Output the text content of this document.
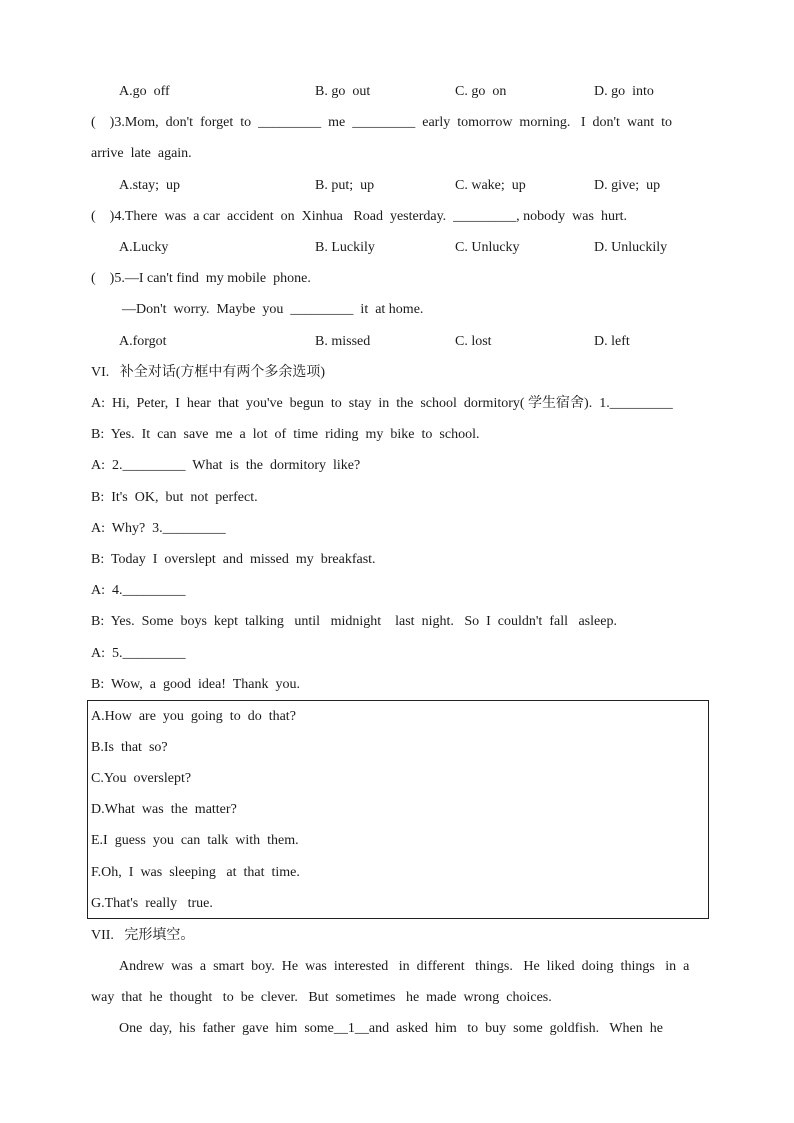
A.go  off	B. go  out	C. go  on	D. go  into
(    )3.Mom,  don't  forget  to  _________  me  _________  early  tomorrow  morning.   I  don't  want  to
arrive  late  again.
A.stay;  up	B. put;  up	C. wake;  up	D. give;  up
(    )4.There  was  a car  accident  on  Xinhua   Road  yesterday.  _________, nobody  was  hurt.
A.Lucky	B. Luckily	C. Unlucky	D. Unluckily
(    )5.—I can't find  my mobile  phone.
—Don't  worry.  Maybe  you  _________  it  at home.
A.forgot	B. missed	C. lost	D. left
VI.   补全对话(方框中有两个多余选项)
A:  Hi,  Peter,  I  hear  that  you've  begun  to  stay  in  the  school  dormitory( 学生宿舍).  1._________
B:  Yes.  It  can  save  me  a  lot  of  time  riding  my  bike  to  school.
A:  2._________  What  is  the  dormitory  like?
B:  It's  OK,  but  not  perfect.
A:  Why?  3._________
B:  Today  I  overslept  and  missed  my  breakfast.
A:  4._________
B:  Yes.  Some  boys  kept  talking   until   midnight    last  night.   So  I  couldn't  fall   asleep.
A:  5._________
B:  Wow,  a  good  idea!  Thank  you.
A.How  are  you  going  to  do  that?
B.Is  that  so?
C.You  overslept?
D.What  was  the  matter?
E.I  guess  you  can  talk  with  them.
F.Oh,  I  was  sleeping   at  that  time.
G.That's  really   true.
VII.   完形填空。
Andrew  was  a  smart  boy.  He  was  interested   in  different   things.   He  liked  doing  things   in  a
way  that  he  thought   to  be  clever.   But  sometimes   he  made  wrong  choices.
One  day,  his  father  gave  him  some__1__and  asked  him   to  buy  some  goldfish.   When  he
